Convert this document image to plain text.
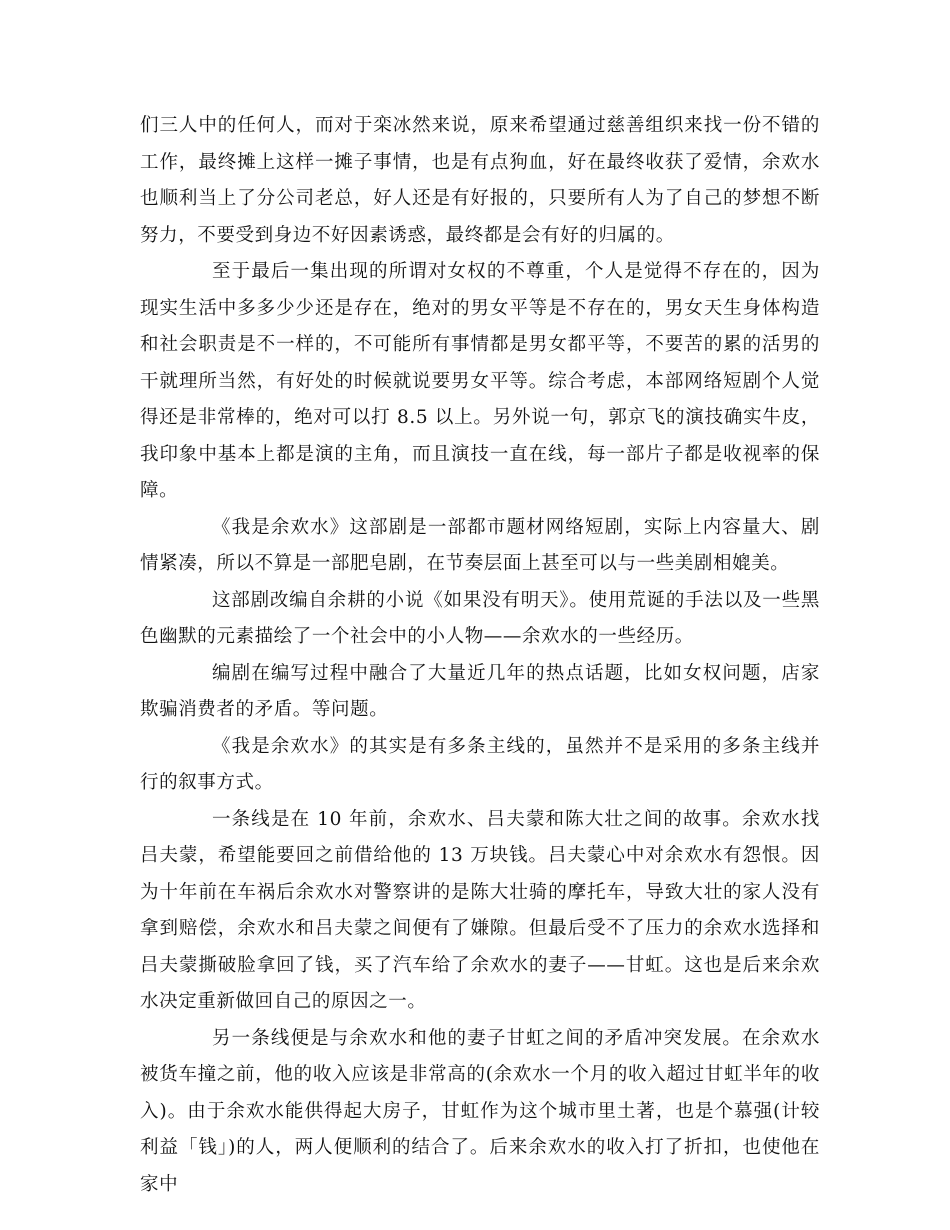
们三人中的任何人，而对于栾冰然来说，原来希望通过慈善组织来找一份不错的工作，最终摊上这样一摊子事情，也是有点狗血，好在最终收获了爱情，余欢水也顺利当上了分公司老总，好人还是有好报的，只要所有人为了自己的梦想不断努力，不要受到身边不好因素诱惑，最终都是会有好的归属的。

至于最后一集出现的所谓对女权的不尊重，个人是觉得不存在的，因为现实生活中多多少少还是存在，绝对的男女平等是不存在的，男女天生身体构造和社会职责是不一样的，不可能所有事情都是男女都平等，不要苦的累的活男的干就理所当然，有好处的时候就说要男女平等。综合考虑，本部网络短剧个人觉得还是非常棒的，绝对可以打 8.5 以上。另外说一句，郭京飞的演技确实牛皮，我印象中基本上都是演的主角，而且演技一直在线，每一部片子都是收视率的保障。

《我是余欢水》这部剧是一部都市题材网络短剧，实际上内容量大、剧情紧凑，所以不算是一部肥皂剧，在节奏层面上甚至可以与一些美剧相媲美。

这部剧改编自余耕的小说《如果没有明天》。使用荒诞的手法以及一些黑色幽默的元素描绘了一个社会中的小人物——余欢水的一些经历。

编剧在编写过程中融合了大量近几年的热点话题，比如女权问题，店家欺骗消费者的矛盾。等问题。

《我是余欢水》的其实是有多条主线的，虽然并不是采用的多条主线并行的叙事方式。

一条线是在 10 年前，余欢水、吕夫蒙和陈大壮之间的故事。余欢水找吕夫蒙，希望能要回之前借给他的 13 万块钱。吕夫蒙心中对余欢水有怨恨。因为十年前在车祸后余欢水对警察讲的是陈大壮骑的摩托车，导致大壮的家人没有拿到赔偿，余欢水和吕夫蒙之间便有了嫌隙。但最后受不了压力的余欢水选择和吕夫蒙撕破脸拿回了钱，买了汽车给了余欢水的妻子——甘虹。这也是后来余欢水决定重新做回自己的原因之一。

另一条线便是与余欢水和他的妻子甘虹之间的矛盾冲突发展。在余欢水被货车撞之前，他的收入应该是非常高的(余欢水一个月的收入超过甘虹半年的收入)。由于余欢水能供得起大房子，甘虹作为这个城市里土著，也是个慕强(计较利益「钱」)的人，两人便顺利的结合了。后来余欢水的收入打了折扣，也使他在家中
